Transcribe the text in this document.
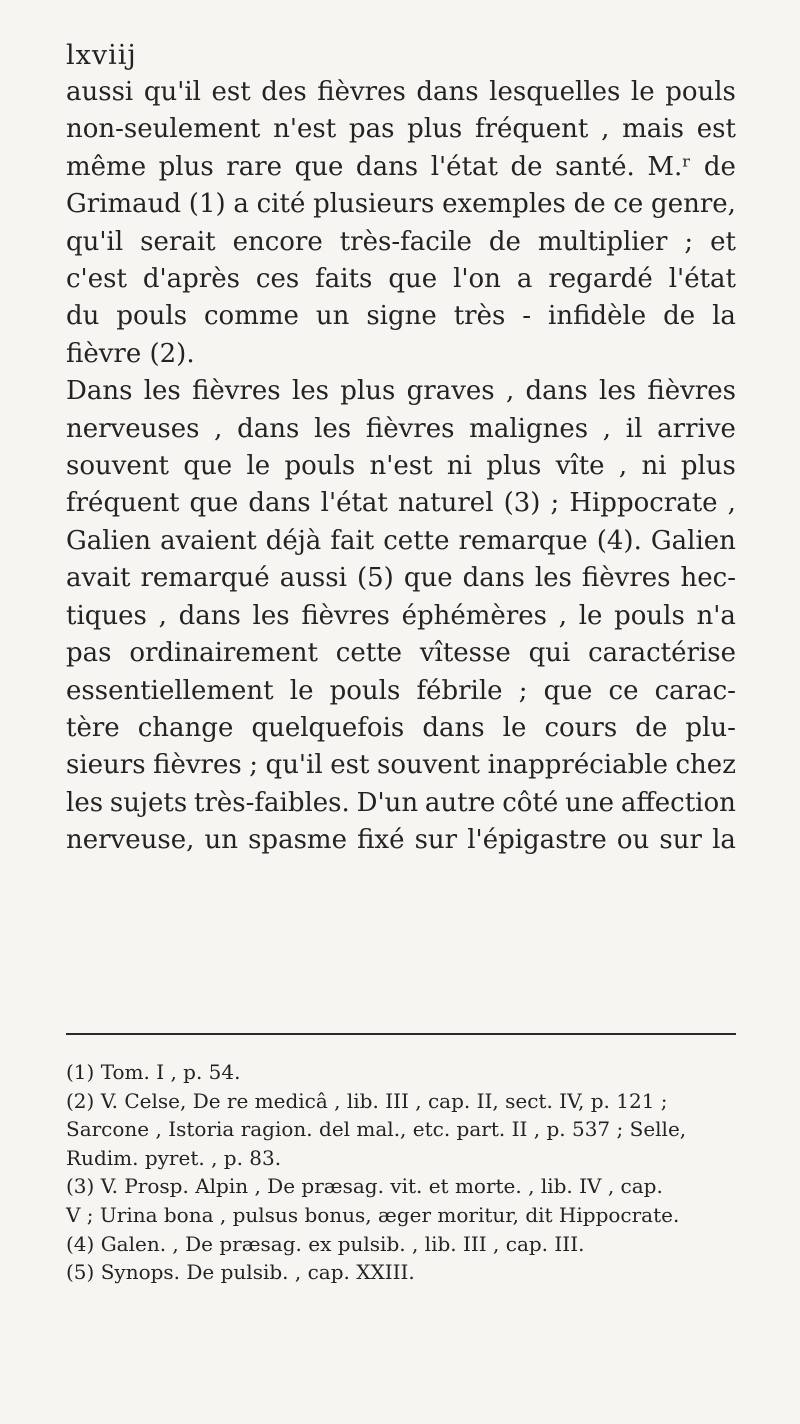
lxviij
aussi qu'il est des fièvres dans lesquelles le pouls
non-seulement n'est pas plus fréquent , mais est
même plus rare que dans l'état de santé. M.ʳ de
Grimaud (1) a cité plusieurs exemples de ce genre,
qu'il serait encore très-facile de multiplier ; et
c'est d'après ces faits que l'on a regardé l'état
du pouls comme un signe très - infidèle de la
fièvre (2).
Dans les fièvres les plus graves , dans les fièvres
nerveuses , dans les fièvres malignes , il arrive
souvent que le pouls n'est ni plus vîte , ni plus
fréquent que dans l'état naturel (3) ; Hippocrate ,
Galien avaient déjà fait cette remarque (4). Galien
avait remarqué aussi (5) que dans les fièvres hec-
tiques , dans les fièvres éphémères , le pouls n'a
pas ordinairement cette vîtesse qui caractérise
essentiellement le pouls fébrile ; que ce carac-
tère change quelquefois dans le cours de plu-
sieurs fièvres ; qu'il est souvent inappréciable chez
les sujets très-faibles. D'un autre côté une affection
nerveuse, un spasme fixé sur l'épigastre ou sur la
(1) Tom. I , p. 54.
(2) V. Celse, De re medicâ , lib. III , cap. II, sect. IV, p. 121 ;
Sarcone , Istoria ragion. del mal., etc. part. II , p. 537 ; Selle,
Rudim. pyret. , p. 83.
(3) V. Prosp. Alpin , De præsag. vit. et morte. , lib. IV , cap.
V ; Urina bona , pulsus bonus, æger moritur, dit Hippocrate.
(4) Galen. , De præsag. ex pulsib. , lib. III , cap. III.
(5) Synops. De pulsib. , cap. XXIII.
